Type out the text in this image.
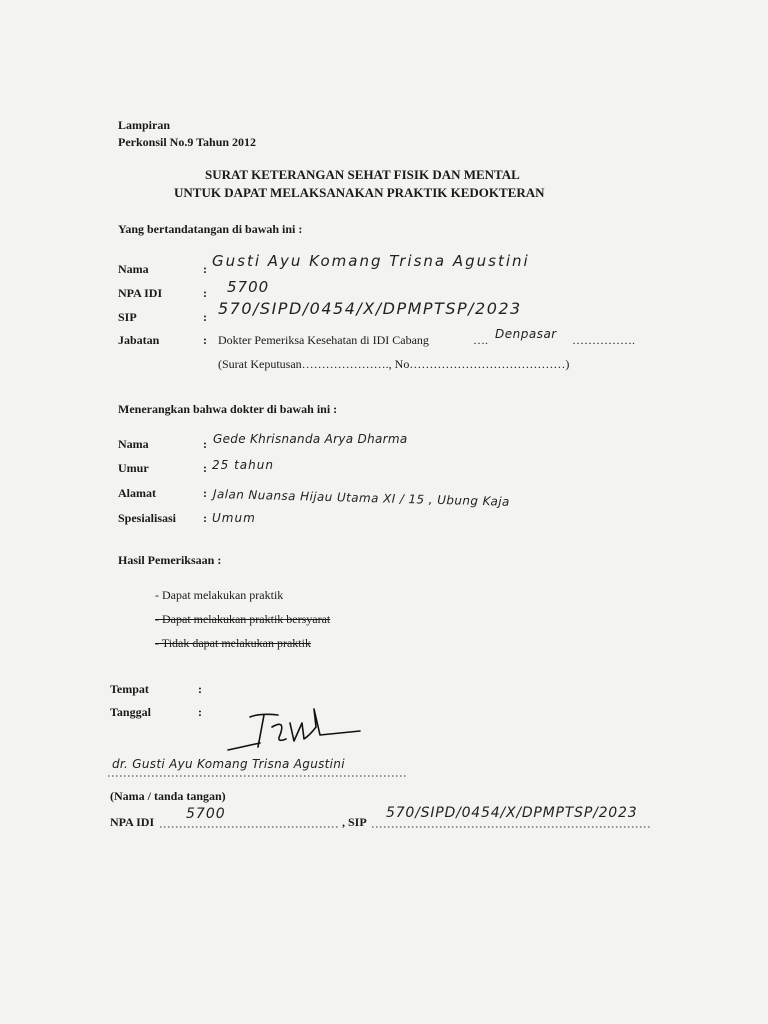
Lampiran
Perkonsil No.9 Tahun 2012
SURAT KETERANGAN SEHAT FISIK DAN MENTAL
UNTUK DAPAT MELAKSANAKAN PRAKTIK KEDOKTERAN
Yang bertandatangan di bawah ini :
Nama	: Gusti Ayu Komang Trisna Agustini
NPA IDI	: 5700
SIP	: 570/SIPD/0454/X/DPMPTSP/2023
Jabatan	: Dokter Pemeriksa Kesehatan di IDI Cabang	…. Denpasar …………….
(Surat Keputusan…………………., No…………………………………)
Menerangkan bahwa dokter di bawah ini :
Nama	: Gede Khrisnanda Arya Dharma
Umur	: 25 tahun
Alamat	: Jalan Nuansa Hijau Utama XI / 15 , Ubung Kaja
Spesialisasi : Umum
Hasil Pemeriksaan :
- Dapat melakukan praktik
- Dapat melakukan praktik bersyarat
- Tidak dapat melakukan praktik
Tempat	:
Tanggal	:
dr. Gusti Ayu Komang Trisna Agustini
(Nama / tanda tangan)
NPA IDI 5700	, SIP
570/SIPD/0454/X/DPMPTSP/2023
